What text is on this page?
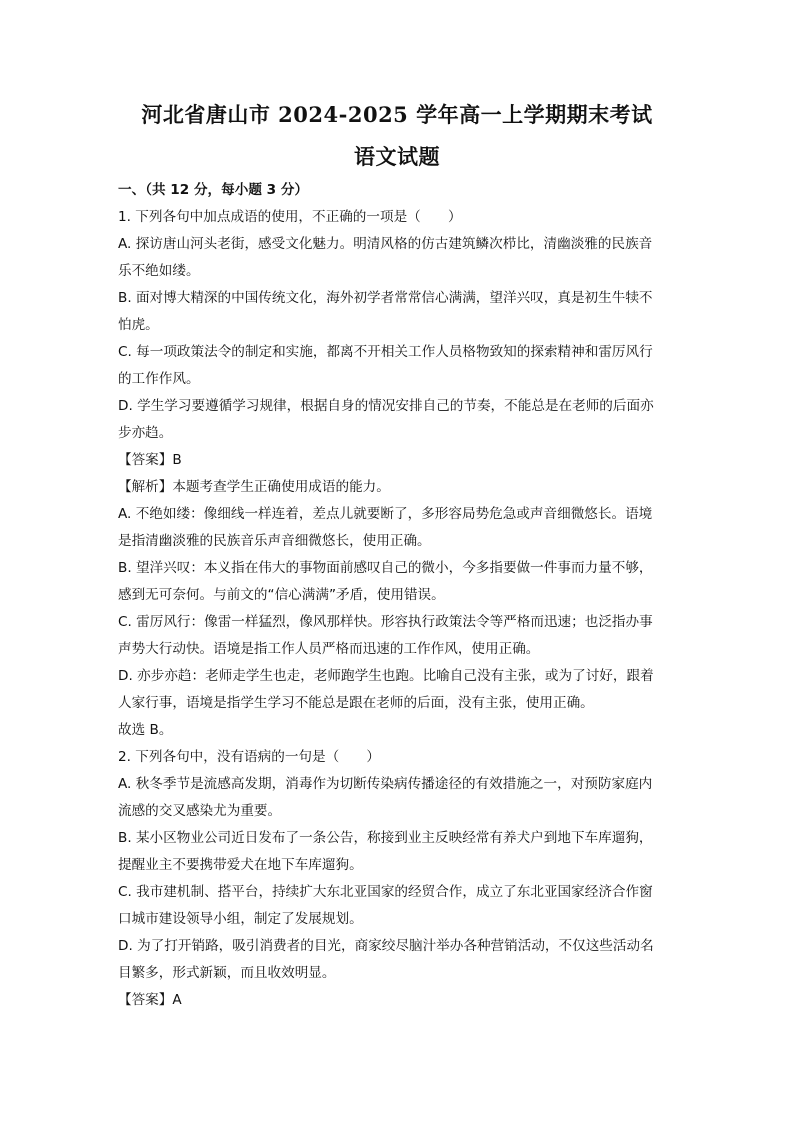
河北省唐山市 2024-2025 学年高一上学期期末考试
语文试题
一、（共 12 分，每小题 3 分）
1. 下列各句中加点成语的使用，不正确的一项是（　　）
A. 探访唐山河头老街，感受文化魅力。明清风格的仿古建筑鳞次栉比，清幽淡雅的民族音
乐不绝如缕。
B. 面对博大精深的中国传统文化，海外初学者常常信心满满，望洋兴叹，真是初生牛犊不
怕虎。
C. 每一项政策法令的制定和实施，都离不开相关工作人员格物致知的探索精神和雷厉风行
的工作作风。
D. 学生学习要遵循学习规律，根据自身的情况安排自己的节奏，不能总是在老师的后面亦
步亦趋。
【答案】B
【解析】本题考查学生正确使用成语的能力。
A. 不绝如缕：像细线一样连着，差点儿就要断了，多形容局势危急或声音细微悠长。语境
是指清幽淡雅的民族音乐声音细微悠长，使用正确。
B. 望洋兴叹：本义指在伟大的事物面前感叹自己的微小，今多指要做一件事而力量不够，
感到无可奈何。与前文的“信心满满”矛盾，使用错误。
C. 雷厉风行：像雷一样猛烈，像风那样快。形容执行政策法令等严格而迅速；也泛指办事
声势大行动快。语境是指工作人员严格而迅速的工作作风，使用正确。
D. 亦步亦趋：老师走学生也走，老师跑学生也跑。比喻自己没有主张，或为了讨好，跟着
人家行事，语境是指学生学习不能总是跟在老师的后面，没有主张，使用正确。
故选 B。
2. 下列各句中，没有语病的一句是（　　）
A. 秋冬季节是流感高发期，消毒作为切断传染病传播途径的有效措施之一，对预防家庭内
流感的交叉感染尤为重要。
B. 某小区物业公司近日发布了一条公告，称接到业主反映经常有养犬户到地下车库遛狗，
提醒业主不要携带爱犬在地下车库遛狗。
C. 我市建机制、搭平台，持续扩大东北亚国家的经贸合作，成立了东北亚国家经济合作窗
口城市建设领导小组，制定了发展规划。
D. 为了打开销路，吸引消费者的目光，商家绞尽脑汁举办各种营销活动，不仅这些活动名
目繁多，形式新颖，而且收效明显。
【答案】A
